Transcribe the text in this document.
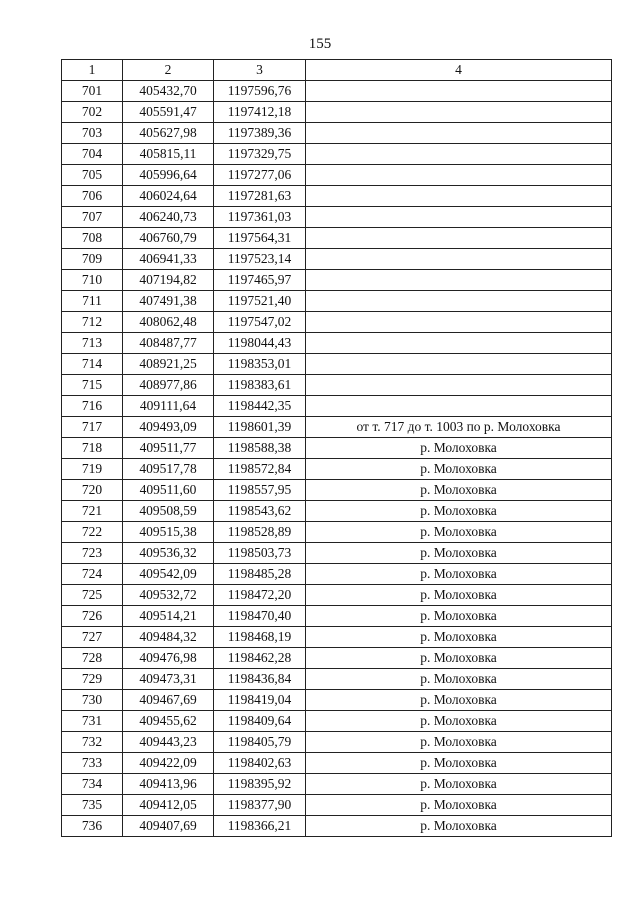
155
1	2	3	4
701	405432,70	1197596,76	
702	405591,47	1197412,18	
703	405627,98	1197389,36	
704	405815,11	1197329,75	
705	405996,64	1197277,06	
706	406024,64	1197281,63	
707	406240,73	1197361,03	
708	406760,79	1197564,31	
709	406941,33	1197523,14	
710	407194,82	1197465,97	
711	407491,38	1197521,40	
712	408062,48	1197547,02	
713	408487,77	1198044,43	
714	408921,25	1198353,01	
715	408977,86	1198383,61	
716	409111,64	1198442,35	
717	409493,09	1198601,39	от т. 717 до т. 1003 по р. Молоховка
718	409511,77	1198588,38	р. Молоховка
719	409517,78	1198572,84	р. Молоховка
720	409511,60	1198557,95	р. Молоховка
721	409508,59	1198543,62	р. Молоховка
722	409515,38	1198528,89	р. Молоховка
723	409536,32	1198503,73	р. Молоховка
724	409542,09	1198485,28	р. Молоховка
725	409532,72	1198472,20	р. Молоховка
726	409514,21	1198470,40	р. Молоховка
727	409484,32	1198468,19	р. Молоховка
728	409476,98	1198462,28	р. Молоховка
729	409473,31	1198436,84	р. Молоховка
730	409467,69	1198419,04	р. Молоховка
731	409455,62	1198409,64	р. Молоховка
732	409443,23	1198405,79	р. Молоховка
733	409422,09	1198402,63	р. Молоховка
734	409413,96	1198395,92	р. Молоховка
735	409412,05	1198377,90	р. Молоховка
736	409407,69	1198366,21	р. Молоховка
